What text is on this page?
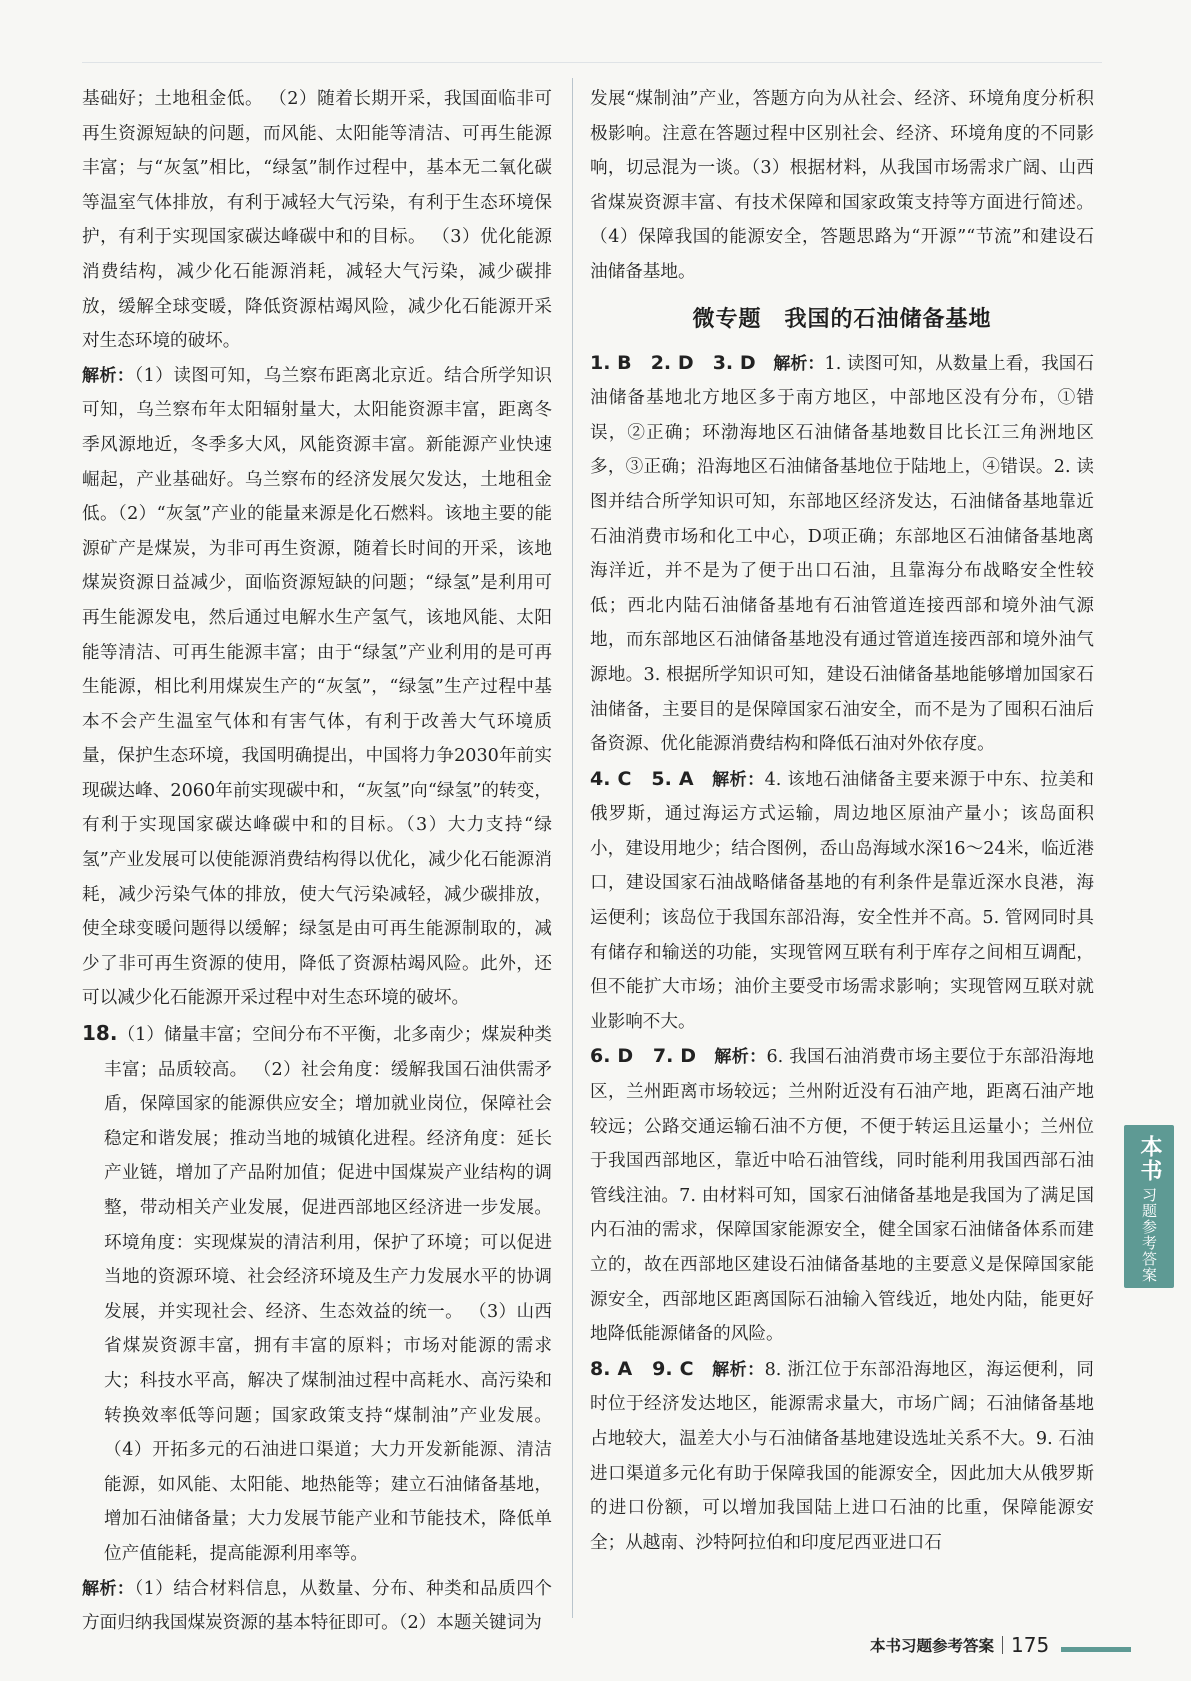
基础好；土地租金低。 （2）随着长期开采，我国面临非可再生资源短缺的问题，而风能、太阳能等清洁、可再生能源丰富；与“灰氢”相比，“绿氢”制作过程中，基本无二氧化碳等温室气体排放，有利于减轻大气污染，有利于生态环境保护，有利于实现国家碳达峰碳中和的目标。 （3）优化能源消费结构，减少化石能源消耗，减轻大气污染，减少碳排放，缓解全球变暖，降低资源枯竭风险，减少化石能源开采对生态环境的破坏。

解析：（1）读图可知，乌兰察布距离北京近。结合所学知识可知，乌兰察布年太阳辐射量大，太阳能资源丰富，距离冬季风源地近，冬季多大风，风能资源丰富。新能源产业快速崛起，产业基础好。乌兰察布的经济发展欠发达，土地租金低。（2）“灰氢”产业的能量来源是化石燃料。该地主要的能源矿产是煤炭，为非可再生资源，随着长时间的开采，该地煤炭资源日益减少，面临资源短缺的问题；“绿氢”是利用可再生能源发电，然后通过电解水生产氢气，该地风能、太阳能等清洁、可再生能源丰富；由于“绿氢”产业利用的是可再生能源，相比利用煤炭生产的“灰氢”，“绿氢”生产过程中基本不会产生温室气体和有害气体，有利于改善大气环境质量，保护生态环境，我国明确提出，中国将力争2030年前实现碳达峰、2060年前实现碳中和，“灰氢”向“绿氢”的转变，有利于实现国家碳达峰碳中和的目标。（3）大力支持“绿氢”产业发展可以使能源消费结构得以优化，减少化石能源消耗，减少污染气体的排放，使大气污染减轻，减少碳排放，使全球变暖问题得以缓解；绿氢是由可再生能源制取的，减少了非可再生资源的使用，降低了资源枯竭风险。此外，还可以减少化石能源开采过程中对生态环境的破坏。

18.（1）储量丰富；空间分布不平衡，北多南少；煤炭种类丰富；品质较高。 （2）社会角度：缓解我国石油供需矛盾，保障国家的能源供应安全；增加就业岗位，保障社会稳定和谐发展；推动当地的城镇化进程。经济角度：延长产业链，增加了产品附加值；促进中国煤炭产业结构的调整，带动相关产业发展，促进西部地区经济进一步发展。环境角度：实现煤炭的清洁利用，保护了环境；可以促进当地的资源环境、社会经济环境及生产力发展水平的协调发展，并实现社会、经济、生态效益的统一。 （3）山西省煤炭资源丰富，拥有丰富的原料；市场对能源的需求大；科技水平高，解决了煤制油过程中高耗水、高污染和转换效率低等问题；国家政策支持“煤制油”产业发展。 （4）开拓多元的石油进口渠道；大力开发新能源、清洁能源，如风能、太阳能、地热能等；建立石油储备基地，增加石油储备量；大力发展节能产业和节能技术，降低单位产值能耗，提高能源利用率等。

解析：（1）结合材料信息，从数量、分布、种类和品质四个方面归纳我国煤炭资源的基本特征即可。（2）本题关键词为

发展“煤制油”产业，答题方向为从社会、经济、环境角度分析积极影响。注意在答题过程中区别社会、经济、环境角度的不同影响，切忌混为一谈。（3）根据材料，从我国市场需求广阔、山西省煤炭资源丰富、有技术保障和国家政策支持等方面进行简述。（4）保障我国的能源安全，答题思路为“开源”“节流”和建设石油储备基地。

微专题　我国的石油储备基地

1. B　2. D　3. D　 解析：1. 读图可知，从数量上看，我国石油储备基地北方地区多于南方地区，中部地区没有分布，①错误，②正确；环渤海地区石油储备基地数目比长江三角洲地区多，③正确；沿海地区石油储备基地位于陆地上，④错误。2. 读图并结合所学知识可知，东部地区经济发达，石油储备基地靠近石油消费市场和化工中心，D项正确；东部地区石油储备基地离海洋近，并不是为了便于出口石油，且靠海分布战略安全性较低；西北内陆石油储备基地有石油管道连接西部和境外油气源地，而东部地区石油储备基地没有通过管道连接西部和境外油气源地。3. 根据所学知识可知，建设石油储备基地能够增加国家石油储备，主要目的是保障国家石油安全，而不是为了囤积石油后备资源、优化能源消费结构和降低石油对外依存度。

4. C　5. A　 解析：4. 该地石油储备主要来源于中东、拉美和俄罗斯，通过海运方式运输，周边地区原油产量小；该岛面积小，建设用地少；结合图例，岙山岛海域水深16～24米，临近港口，建设国家石油战略储备基地的有利条件是靠近深水良港，海运便利；该岛位于我国东部沿海，安全性并不高。5. 管网同时具有储存和输送的功能，实现管网互联有利于库存之间相互调配，但不能扩大市场；油价主要受市场需求影响；实现管网互联对就业影响不大。

6. D　7. D　 解析：6. 我国石油消费市场主要位于东部沿海地区，兰州距离市场较远；兰州附近没有石油产地，距离石油产地较远；公路交通运输石油不方便，不便于转运且运量小；兰州位于我国西部地区，靠近中哈石油管线，同时能利用我国西部石油管线注油。7. 由材料可知，国家石油储备基地是我国为了满足国内石油的需求，保障国家能源安全，健全国家石油储备体系而建立的，故在西部地区建设石油储备基地的主要意义是保障国家能源安全，西部地区距离国际石油输入管线近，地处内陆，能更好地降低能源储备的风险。

8. A　9. C　 解析：8. 浙江位于东部沿海地区，海运便利，同时位于经济发达地区，能源需求量大，市场广阔；石油储备基地占地较大，温差大小与石油储备基地建设选址关系不大。9. 石油进口渠道多元化有助于保障我国的能源安全，因此加大从俄罗斯的进口份额，可以增加我国陆上进口石油的比重，保障能源安全；从越南、沙特阿拉伯和印度尼西亚进口石

本书
习题参考答案
本书习题参考答案 175
